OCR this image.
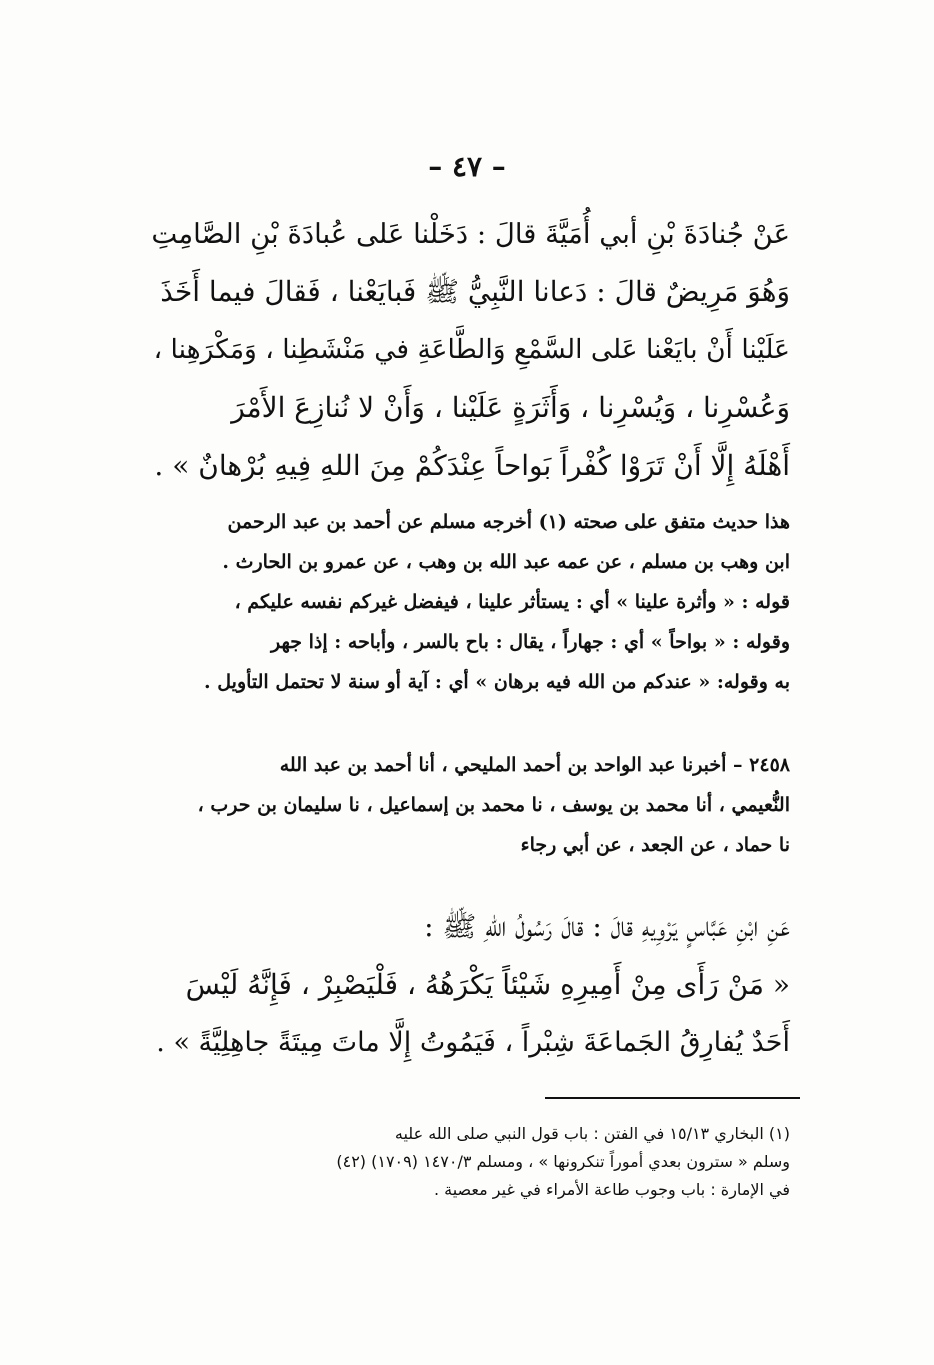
– ٤٧ –
عَنْ جُنادَةَ بْنِ أبي أُمَيَّةَ قالَ : دَخَلْنا عَلى عُبادَةَ بْنِ الصَّامِتِ
وَهُوَ مَرِيضٌ قالَ : دَعانا النَّبِيُّ ﷺ فَبايَعْنا ، فَقالَ فيما أَخَذَ
عَلَيْنا أَنْ بايَعْنا عَلى السَّمْعِ وَالطَّاعَةِ في مَنْشَطِنا ، وَمَكْرَهِنا ،
وَعُسْرِنا ، وَيُسْرِنا ، وَأَثَرَةٍ عَلَيْنا ، وَأَنْ لا نُنازِعَ الأَمْرَ
أَهْلَهُ إِلَّا أَنْ تَرَوْا كُفْراً بَواحاً عِنْدَكُمْ مِنَ اللهِ فِيهِ بُرْهانٌ » .
هذا حديث متفق على صحته (١) أخرجه مسلم عن أحمد بن عبد الرحمن
ابن وهب بن مسلم ، عن عمه عبد الله بن وهب ، عن عمرو بن الحارث .
قوله : « وأثرة علينا » أي : يستأثر علينا ، فيفضل غيركم نفسه عليكم ،
وقوله : « بواحاً » أي : جهاراً ، يقال : باح بالسر ، وأباحه : إذا جهر
به وقوله: « عندكم من الله فيه برهان » أي : آية أو سنة لا تحتمل التأويل .
٢٤٥٨ – أخبرنا عبد الواحد بن أحمد المليحي ، أنا أحمد بن عبد الله
النُّعيمي ، أنا محمد بن يوسف ، نا محمد بن إسماعيل ، نا سليمان بن حرب ،
نا حماد ، عن الجعد ، عن أبي رجاء
عَنِ ابْنِ عَبَّاسٍ يَرْوِيهِ قالَ : قالَ رَسُولُ اللهِ ﷺ :
« مَنْ رَأَى مِنْ أَمِيرِهِ شَيْئاً يَكْرَهُهُ ، فَلْيَصْبِرْ ، فَإِنَّهُ لَيْسَ
أَحَدٌ يُفارِقُ الجَماعَةَ شِبْراً ، فَيَمُوتُ إِلَّا ماتَ مِيتَةً جاهِلِيَّةً » .
(١) البخاري ١٥/١٣ في الفتن : باب قول النبي صلى الله عليه
وسلم « سترون بعدي أموراً تنكرونها » ، ومسلم ١٤٧٠/٣ (١٧٠٩) (٤٢)
في الإمارة : باب وجوب طاعة الأمراء في غير معصية .
